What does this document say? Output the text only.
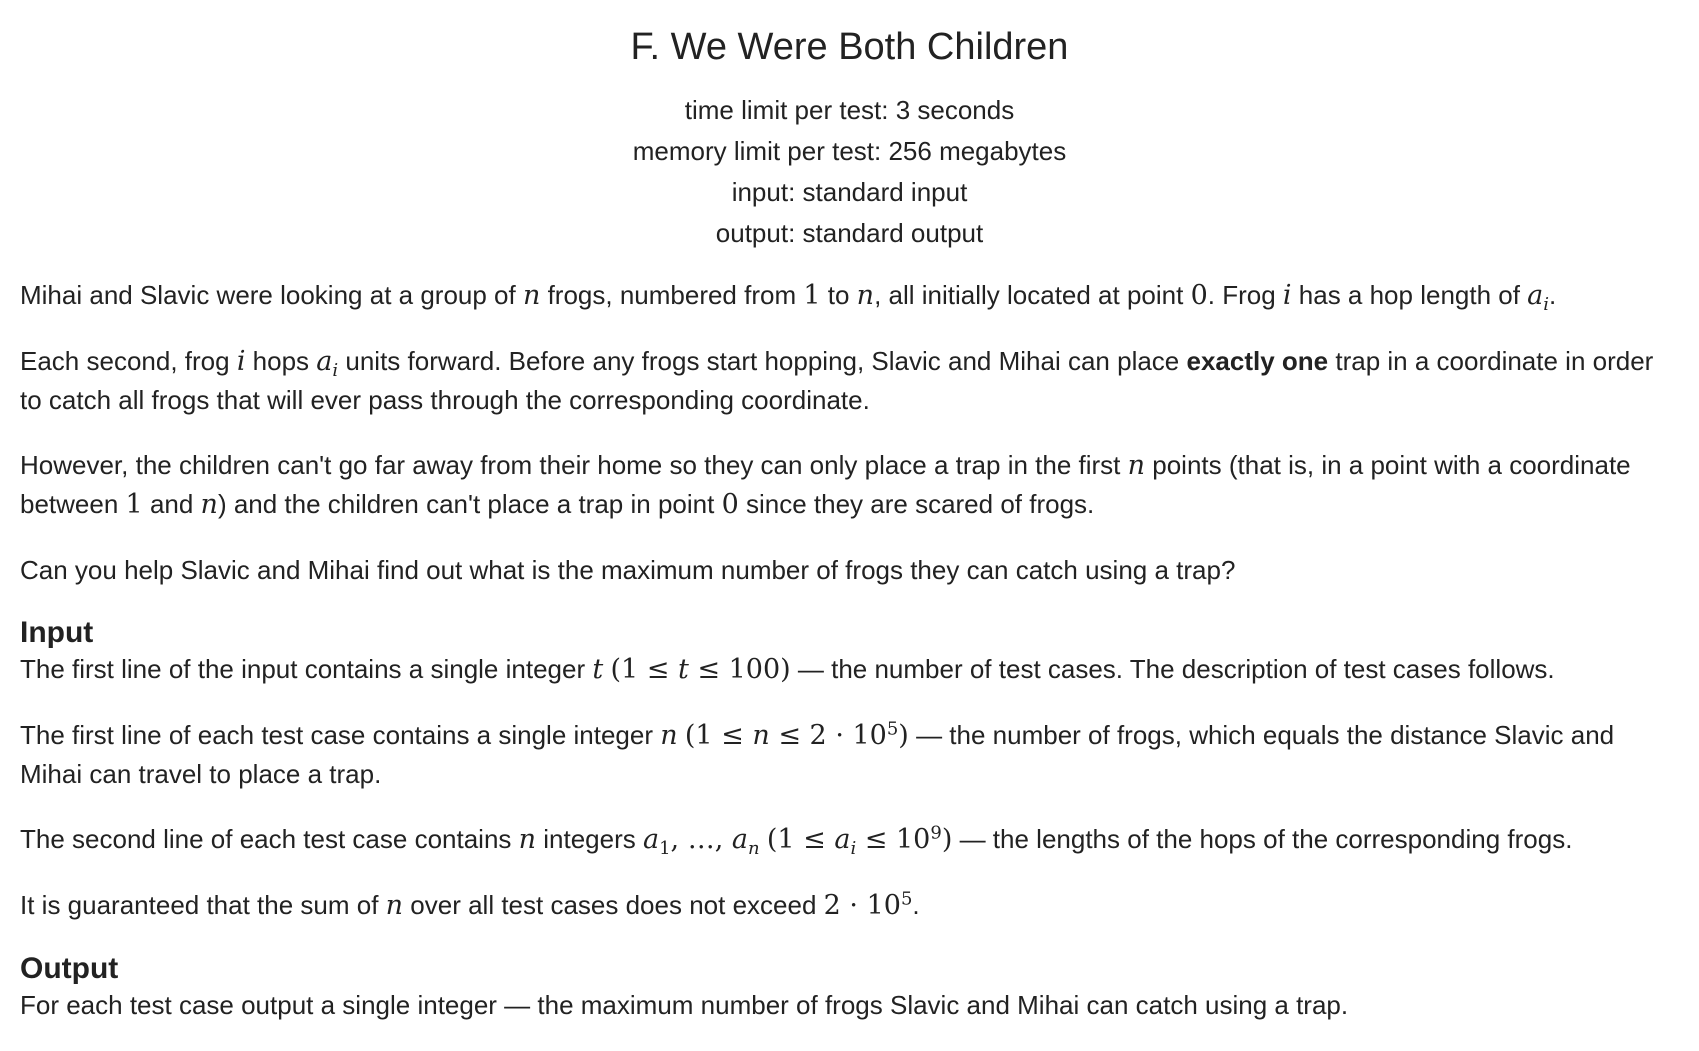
F. We Were Both Children
time limit per test: 3 seconds
memory limit per test: 256 megabytes
input: standard input
output: standard output

Mihai and Slavic were looking at a group of n frogs, numbered from 1 to n, all initially located at point 0. Frog i has a hop length of $a_i$.

Each second, frog i hops $a_i$ units forward. Before any frogs start hopping, Slavic and Mihai can place exactly one trap in a coordinate in order to catch all frogs that will ever pass through the corresponding coordinate.

However, the children can't go far away from their home so they can only place a trap in the first n points (that is, in a point with a coordinate between 1 and n) and the children can't place a trap in point 0 since they are scared of frogs.

Can you help Slavic and Mihai find out what is the maximum number of frogs they can catch using a trap?

Input

The first line of the input contains a single integer t (1 ≤ t ≤ 100) — the number of test cases. The description of test cases follows.

The first line of each test case contains a single integer n $(1 \le n \le 2 \cdot 10^5)$ — the number of frogs, which equals the distance Slavic and Mihai can travel to place a trap.

The second line of each test case contains n integers $a_1$, …, $a_n$ $(1 \le a_i \le 10^9)$ — the lengths of the hops of the corresponding frogs.

It is guaranteed that the sum of n over all test cases does not exceed $2 \cdot 10^5$.

Output

For each test case output a single integer — the maximum number of frogs Slavic and Mihai can catch using a trap.
